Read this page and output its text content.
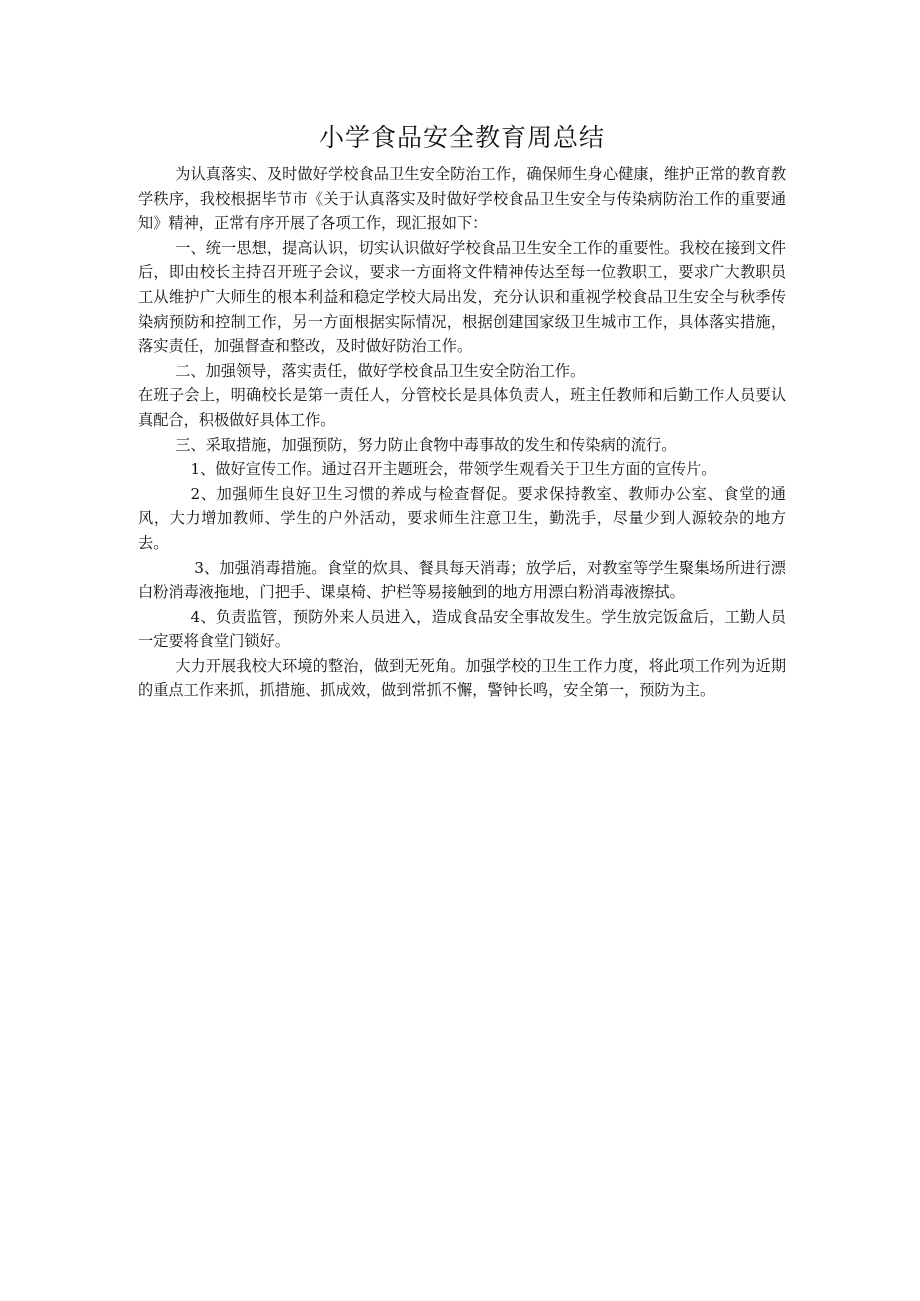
小学食品安全教育周总结

为认真落实、及时做好学校食品卫生安全防治工作，确保师生身心健康，维护正常的教育教学秩序，我校根据毕节市《关于认真落实及时做好学校食品卫生安全与传染病防治工作的重要通知》精神，正常有序开展了各项工作，现汇报如下：

一、统一思想，提高认识，切实认识做好学校食品卫生安全工作的重要性。我校在接到文件后，即由校长主持召开班子会议，要求一方面将文件精神传达至每一位教职工，要求广大教职员工从维护广大师生的根本利益和稳定学校大局出发，充分认识和重视学校食品卫生安全与秋季传染病预防和控制工作，另一方面根据实际情况，根据创建国家级卫生城市工作，具体落实措施，落实责任，加强督查和整改，及时做好防治工作。

二、加强领导，落实责任，做好学校食品卫生安全防治工作。

在班子会上，明确校长是第一责任人，分管校长是具体负责人，班主任教师和后勤工作人员要认真配合，积极做好具体工作。

三、采取措施，加强预防，努力防止食物中毒事故的发生和传染病的流行。

1、做好宣传工作。通过召开主题班会，带领学生观看关于卫生方面的宣传片。

2、加强师生良好卫生习惯的养成与检查督促。要求保持教室、教师办公室、食堂的通风，大力增加教师、学生的户外活动，要求师生注意卫生，勤洗手，尽量少到人源较杂的地方去。

3、加强消毒措施。食堂的炊具、餐具每天消毒；放学后，对教室等学生聚集场所进行漂白粉消毒液拖地，门把手、课桌椅、护栏等易接触到的地方用漂白粉消毒液擦拭。

4、负责监管，预防外来人员进入，造成食品安全事故发生。学生放完饭盒后，工勤人员一定要将食堂门锁好。

大力开展我校大环境的整治，做到无死角。加强学校的卫生工作力度，将此项工作列为近期的重点工作来抓，抓措施、抓成效，做到常抓不懈，警钟长鸣，安全第一，预防为主。
